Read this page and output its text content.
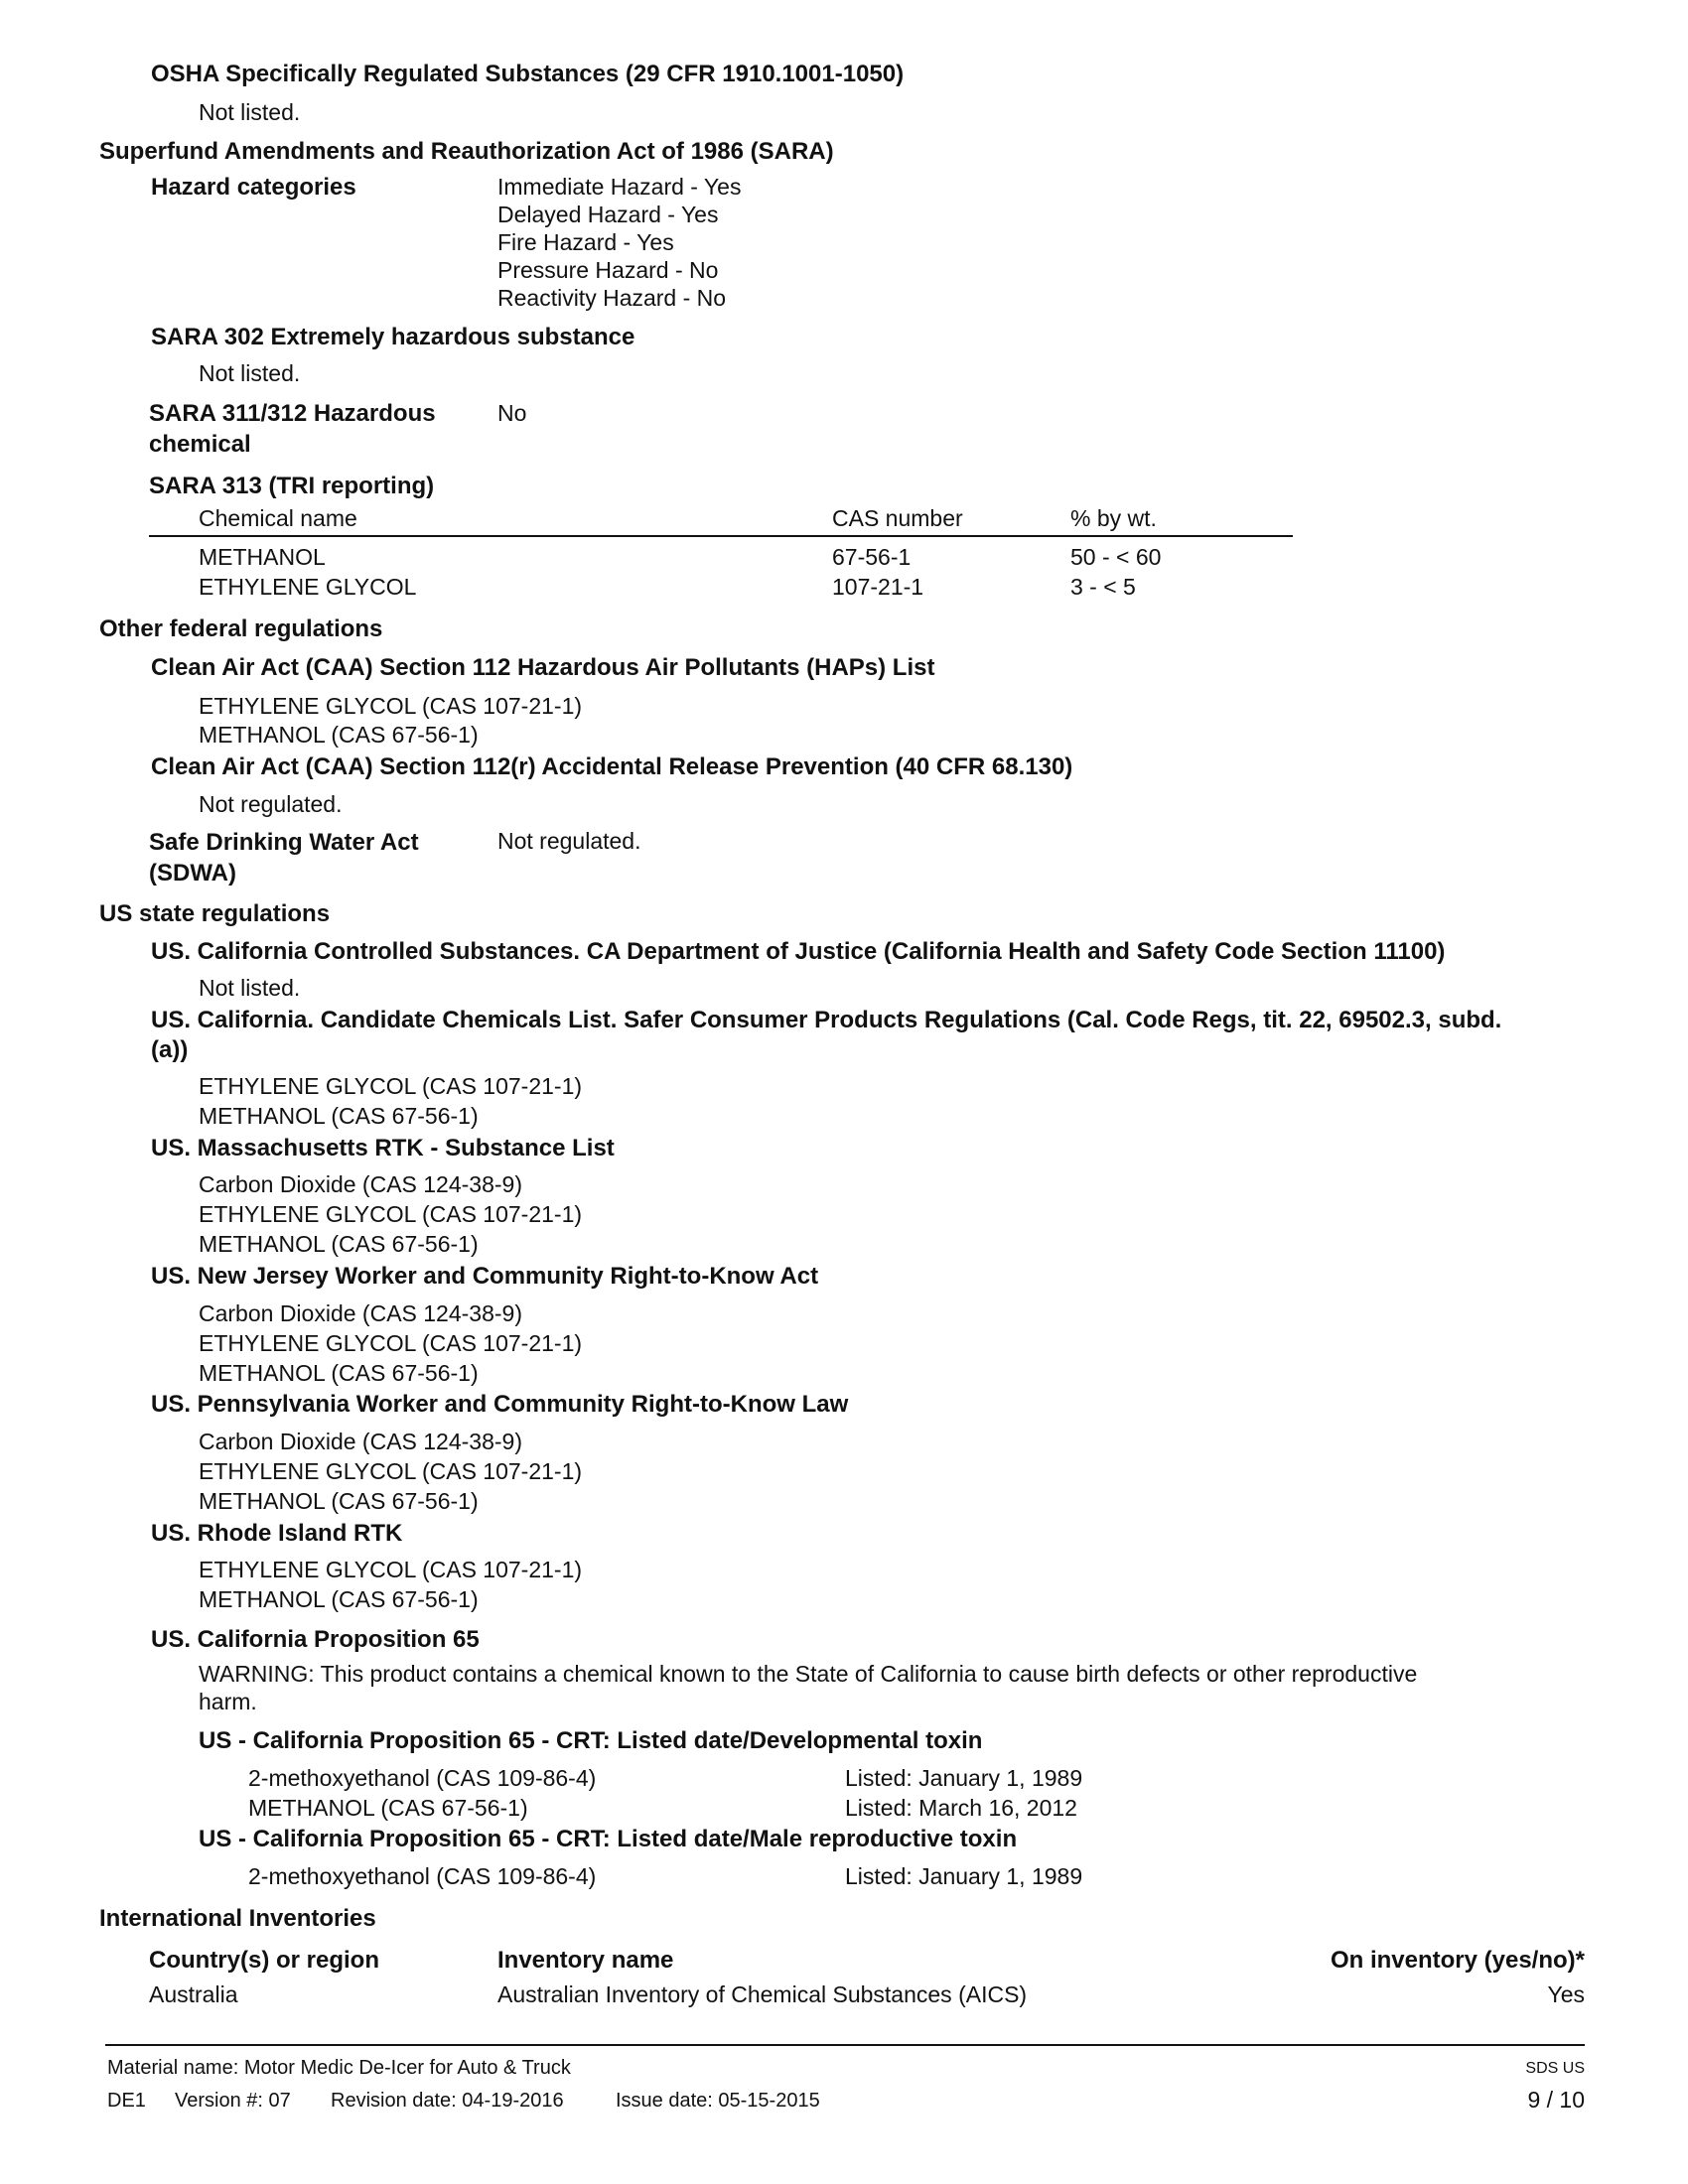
OSHA Specifically Regulated Substances (29 CFR 1910.1001-1050)
Not listed.
Superfund Amendments and Reauthorization Act of 1986 (SARA)
Hazard categories	Immediate Hazard - Yes
Delayed Hazard - Yes
Fire Hazard - Yes
Pressure Hazard - No
Reactivity Hazard - No
SARA 302 Extremely hazardous substance
Not listed.
SARA 311/312 Hazardous
chemical
No
SARA 313 (TRI reporting)
Chemical name	CAS number	% by wt.
METHANOL	67-56-1	50 - < 60
ETHYLENE GLYCOL	107-21-1	3 - < 5
Other federal regulations
Clean Air Act (CAA) Section 112 Hazardous Air Pollutants (HAPs) List
ETHYLENE GLYCOL (CAS 107-21-1)
METHANOL (CAS 67-56-1)
Clean Air Act (CAA) Section 112(r) Accidental Release Prevention (40 CFR 68.130)
Not regulated.
Safe Drinking Water Act
(SDWA)
Not regulated.
US state regulations
US. California Controlled Substances. CA Department of Justice (California Health and Safety Code Section 11100)
Not listed.
US. California. Candidate Chemicals List. Safer Consumer Products Regulations (Cal. Code Regs, tit. 22, 69502.3, subd.
(a))
ETHYLENE GLYCOL (CAS 107-21-1)
METHANOL (CAS 67-56-1)
US. Massachusetts RTK - Substance List
Carbon Dioxide (CAS 124-38-9)
ETHYLENE GLYCOL (CAS 107-21-1)
METHANOL (CAS 67-56-1)
US. New Jersey Worker and Community Right-to-Know Act
Carbon Dioxide (CAS 124-38-9)
ETHYLENE GLYCOL (CAS 107-21-1)
METHANOL (CAS 67-56-1)
US. Pennsylvania Worker and Community Right-to-Know Law
Carbon Dioxide (CAS 124-38-9)
ETHYLENE GLYCOL (CAS 107-21-1)
METHANOL (CAS 67-56-1)
US. Rhode Island RTK
ETHYLENE GLYCOL (CAS 107-21-1)
METHANOL (CAS 67-56-1)
US. California Proposition 65
WARNING: This product contains a chemical known to the State of California to cause birth defects or other reproductive
harm.
US - California Proposition 65 - CRT: Listed date/Developmental toxin
2-methoxyethanol (CAS 109-86-4)	Listed: January 1, 1989
METHANOL (CAS 67-56-1)	Listed: March 16, 2012
US - California Proposition 65 - CRT: Listed date/Male reproductive toxin
2-methoxyethanol (CAS 109-86-4)	Listed: January 1, 1989
International Inventories
Country(s) or region	Inventory name	On inventory (yes/no)*
Australia	Australian Inventory of Chemical Substances (AICS)	Yes
Material name: Motor Medic De-Icer for Auto & Truck	SDS US
DE1 Version #: 07 Revision date: 04-19-2016	Issue date: 05-15-2015	9 / 10
